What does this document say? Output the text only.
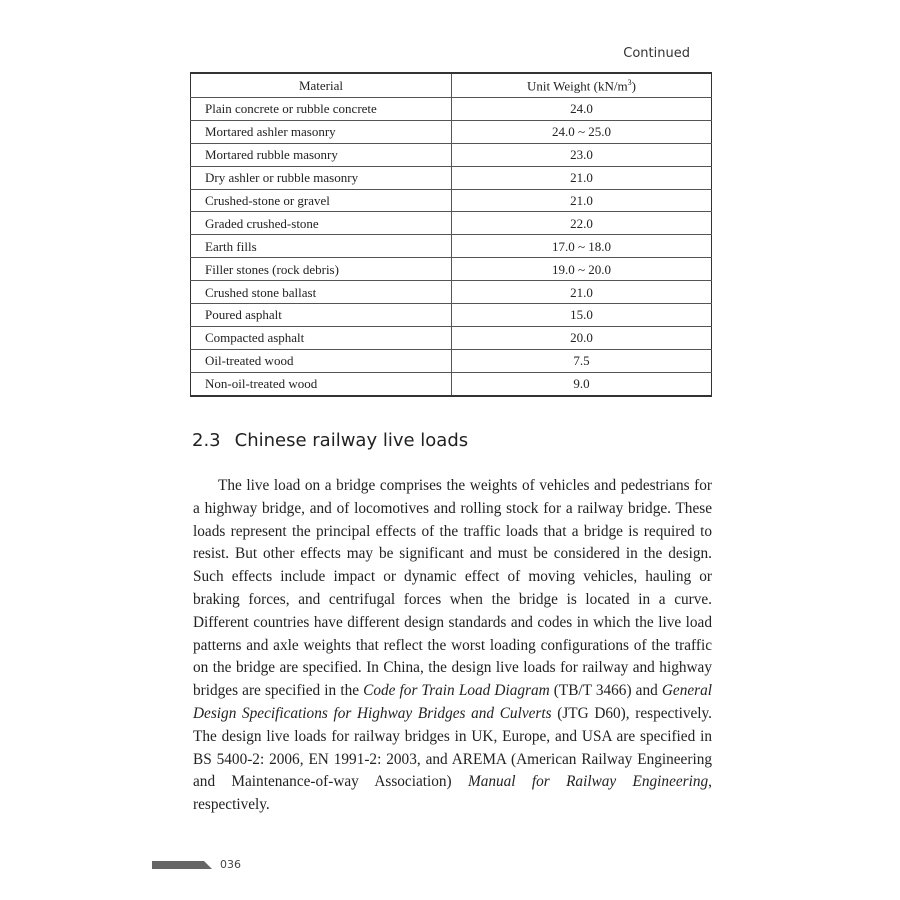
Continued
Material	Unit Weight $(kN/m^3)$
Plain concrete or rubble concrete	24.0
Mortared ashler masonry	24.0 ~ 25.0
Mortared rubble masonry	23.0
Dry ashler or rubble masonry	21.0
Crushed-stone or gravel	21.0
Graded crushed-stone	22.0
Earth fills	17.0 ~ 18.0
Filler stones (rock debris)	19.0 ~ 20.0
Crushed stone ballast	21.0
Poured asphalt	15.0
Compacted asphalt	20.0
Oil-treated wood	7.5
Non-oil-treated wood	9.0
2.3 Chinese railway live loads

The live load on a bridge comprises the weights of vehicles and pedestrians for a highway bridge, and of locomotives and rolling stock for a railway bridge. These loads represent the principal effects of the traffic loads that a bridge is required to resist. But other effects may be significant and must be considered in the design. Such effects include impact or dynamic effect of moving vehicles, hauling or braking forces, and centrifugal forces when the bridge is located in a curve. Different countries have different design standards and codes in which the live load patterns and axle weights that reflect the worst loading configurations of the traffic on the bridge are specified. In China, the design live loads for railway and highway bridges are specified in the Code for Train Load Diagram (TB/T 3466) and General Design Specifications for Highway Bridges and Culverts (JTG D60), respectively. The design live loads for railway bridges in UK, Europe, and USA are specified in BS 5400-2: 2006, EN 1991-2: 2003, and AREMA (American Railway Engineering and Maintenance-of-way Association) Manual for Railway Engineering, respectively.

036
